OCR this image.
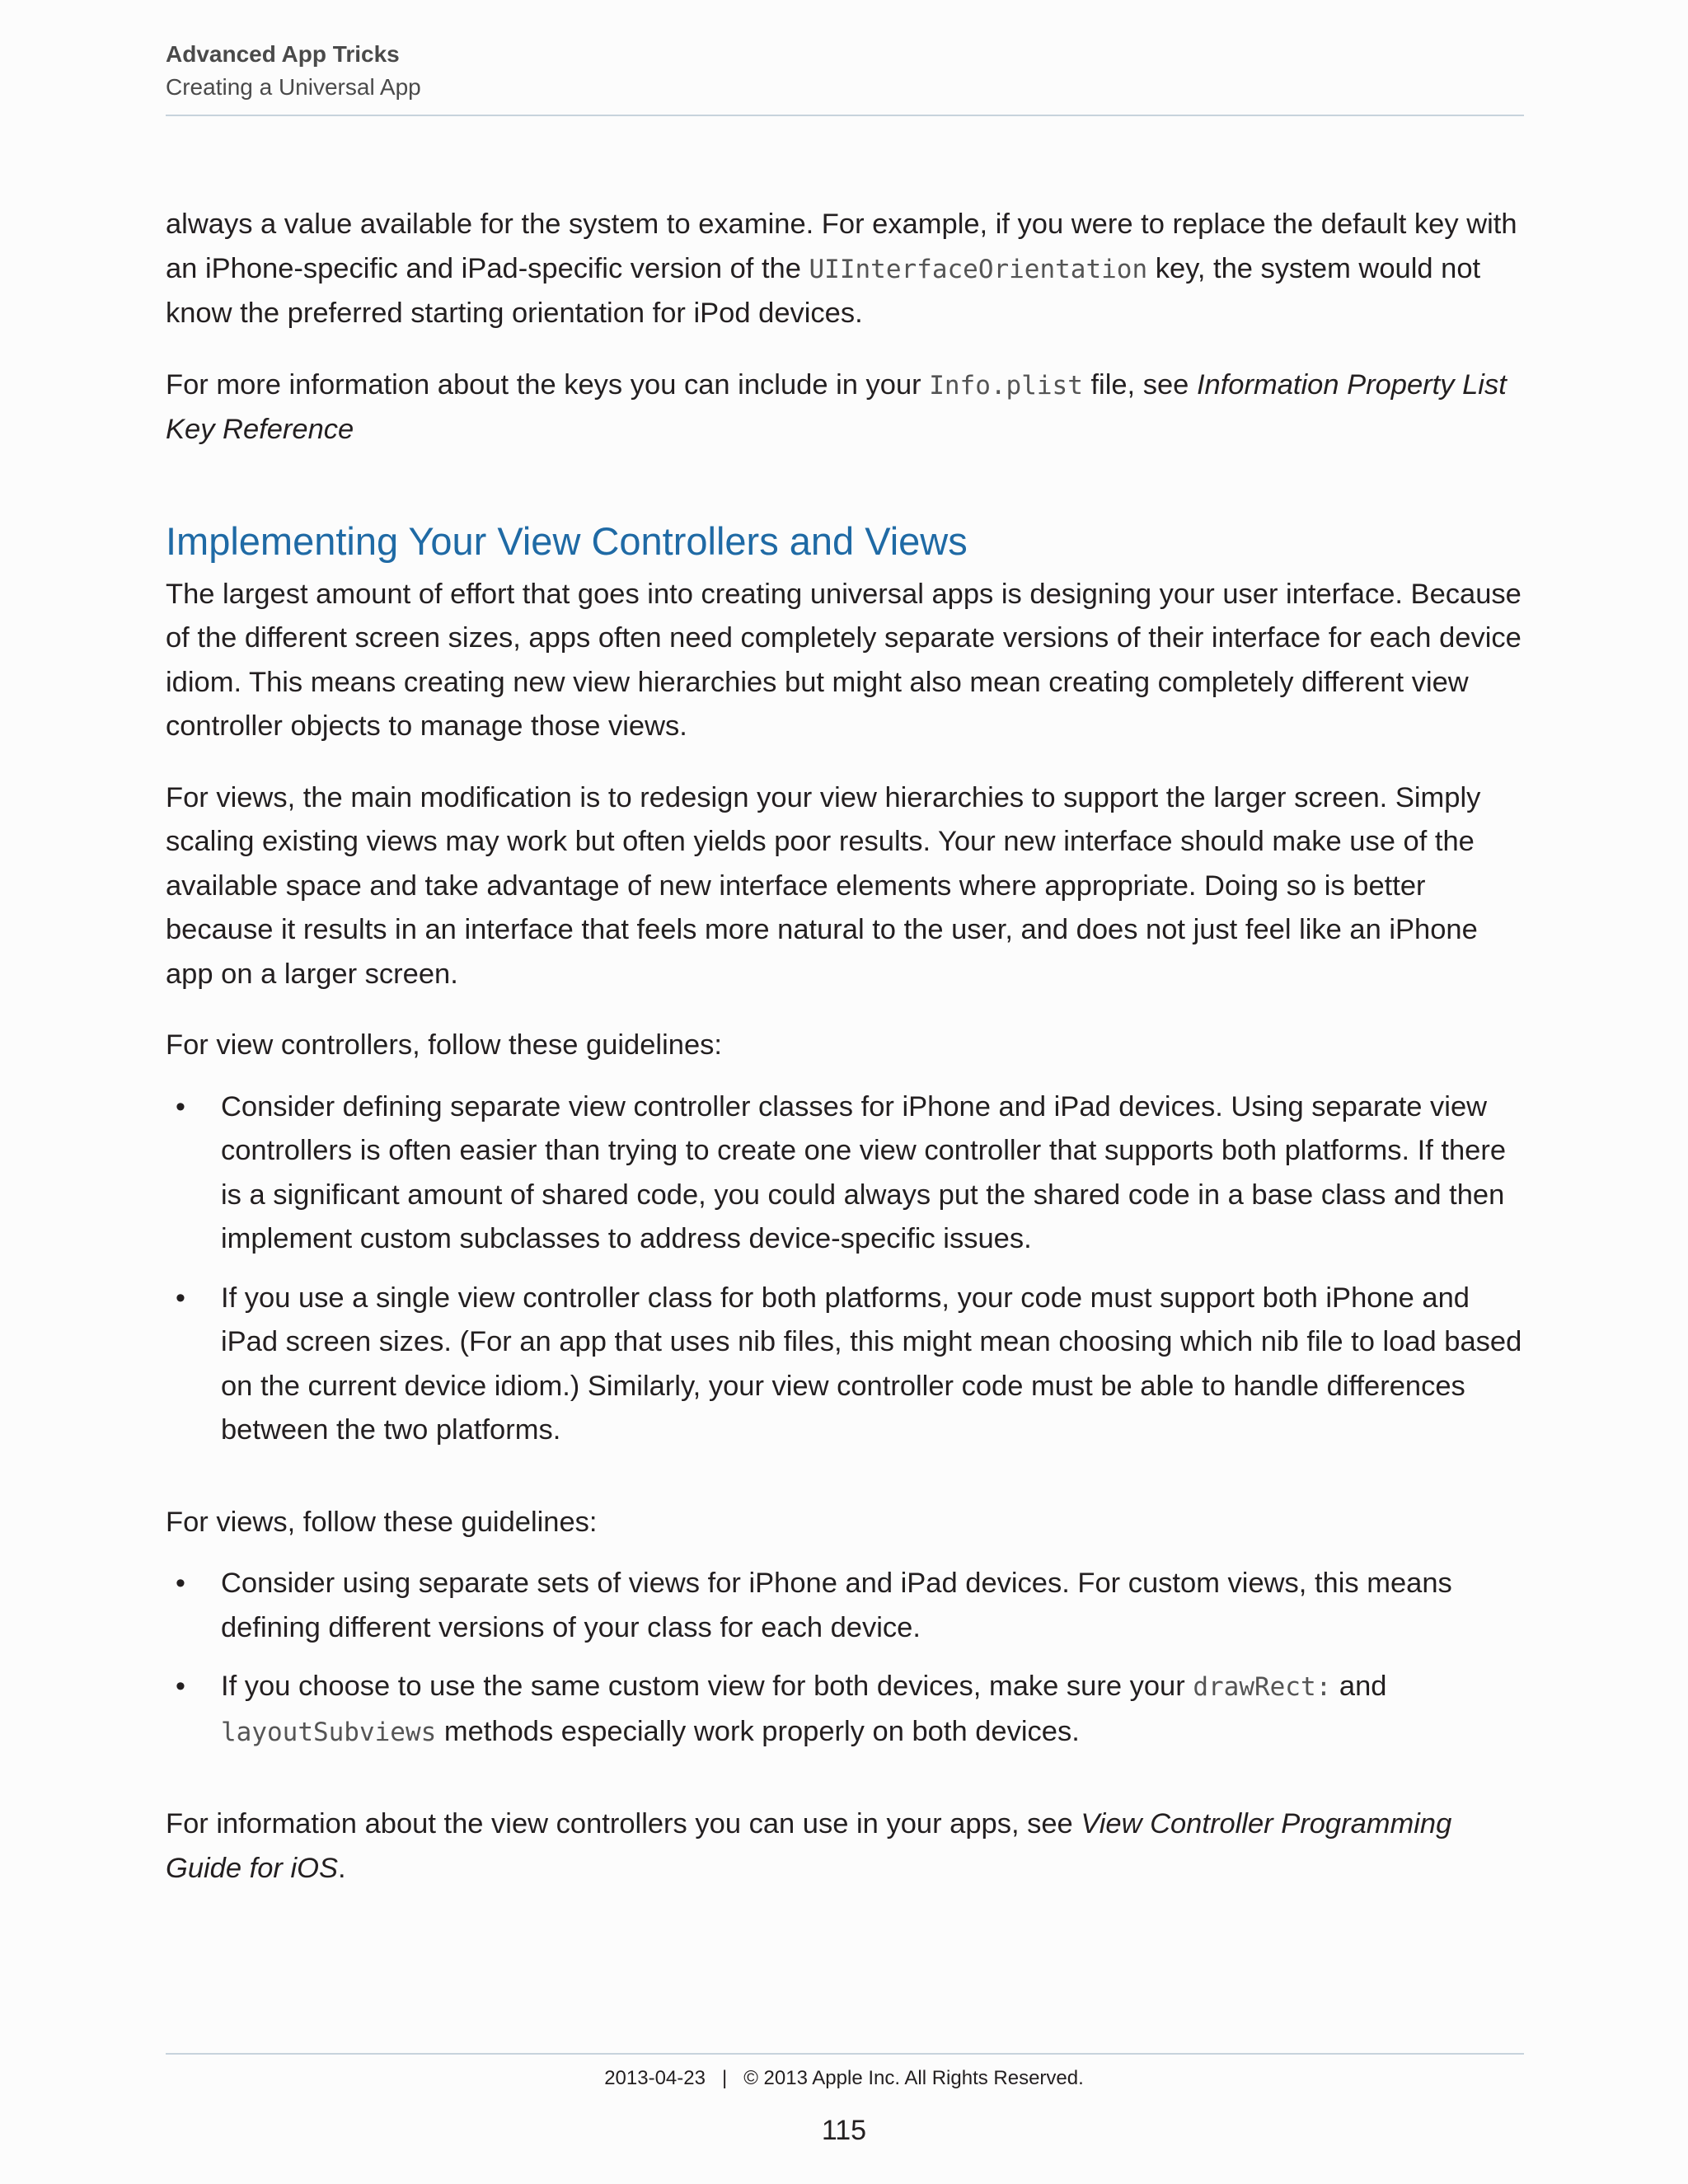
Advanced App Tricks
Creating a Universal App

always a value available for the system to examine. For example, if you were to replace the default key with an iPhone-specific and iPad-specific version of the UIInterfaceOrientation key, the system would not know the preferred starting orientation for iPod devices.

For more information about the keys you can include in your Info.plist file, see Information Property List Key Reference

Implementing Your View Controllers and Views

The largest amount of effort that goes into creating universal apps is designing your user interface. Because of the different screen sizes, apps often need completely separate versions of their interface for each device idiom. This means creating new view hierarchies but might also mean creating completely different view controller objects to manage those views.

For views, the main modification is to redesign your view hierarchies to support the larger screen. Simply scaling existing views may work but often yields poor results. Your new interface should make use of the available space and take advantage of new interface elements where appropriate. Doing so is better because it results in an interface that feels more natural to the user, and does not just feel like an iPhone app on a larger screen.

For view controllers, follow these guidelines:

• Consider defining separate view controller classes for iPhone and iPad devices. Using separate view controllers is often easier than trying to create one view controller that supports both platforms. If there is a significant amount of shared code, you could always put the shared code in a base class and then implement custom subclasses to address device-specific issues.
• If you use a single view controller class for both platforms, your code must support both iPhone and iPad screen sizes. (For an app that uses nib files, this might mean choosing which nib file to load based on the current device idiom.) Similarly, your view controller code must be able to handle differences between the two platforms.

For views, follow these guidelines:

• Consider using separate sets of views for iPhone and iPad devices. For custom views, this means defining different versions of your class for each device.
• If you choose to use the same custom view for both devices, make sure your drawRect: and layoutSubviews methods especially work properly on both devices.

For information about the view controllers you can use in your apps, see View Controller Programming Guide for iOS.

2013-04-23 | © 2013 Apple Inc. All Rights Reserved.
115
